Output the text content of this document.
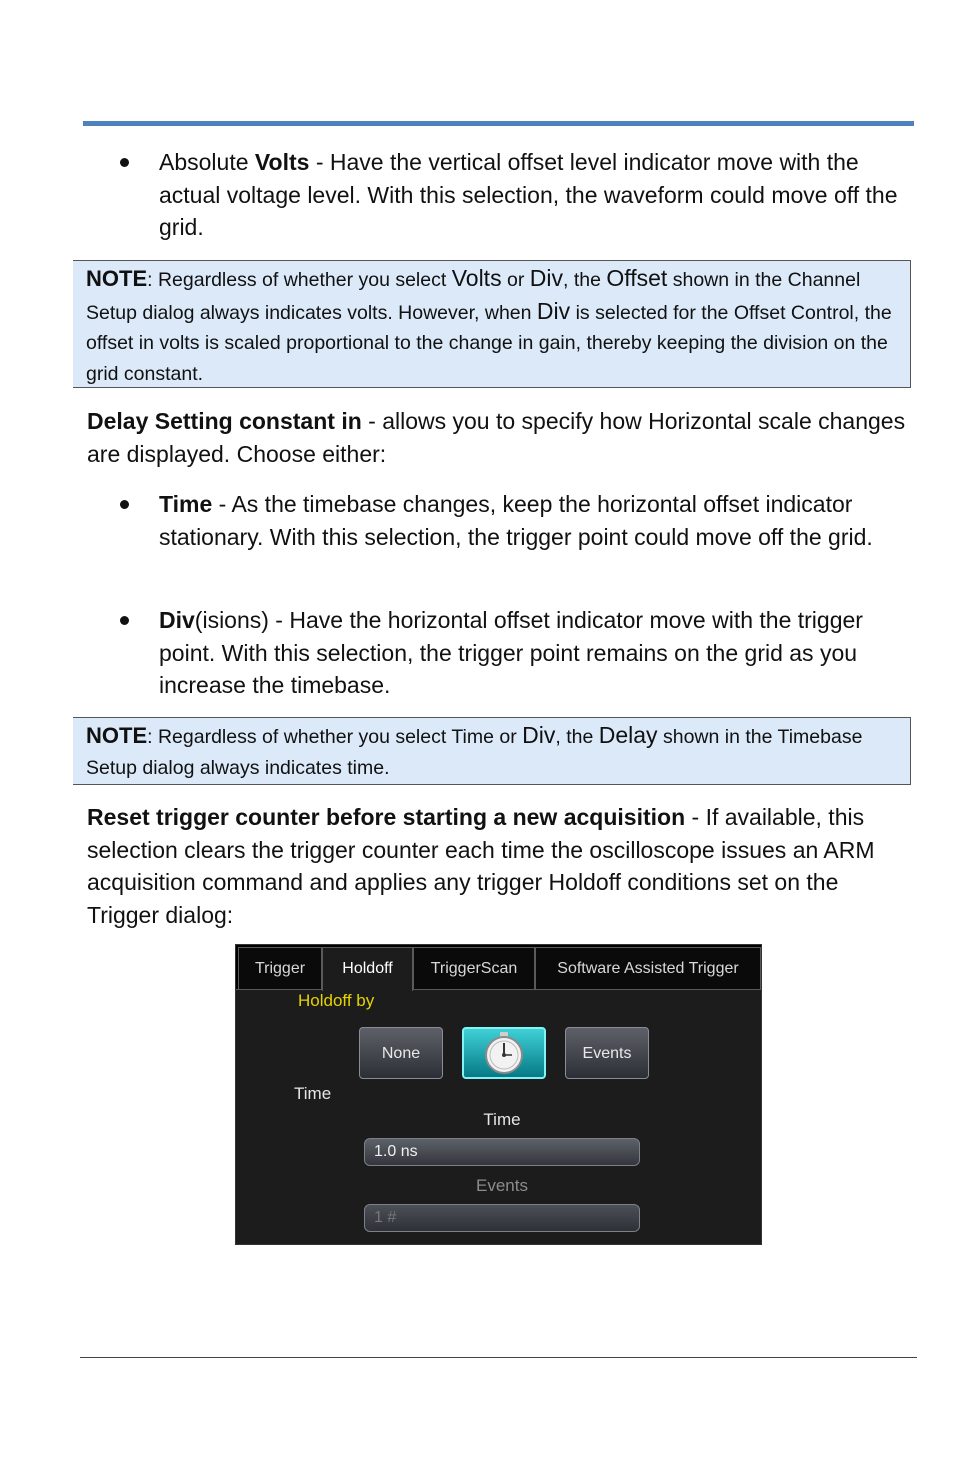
Absolute Volts - Have the vertical offset level indicator move with the actual voltage level. With this selection, the waveform could move off the grid.
NOTE: Regardless of whether you select Volts or Div, the Offset shown in the Channel Setup dialog always indicates volts. However, when Div is selected for the Offset Control, the offset in volts is scaled proportional to the change in gain, thereby keeping the division on the grid constant.
Delay Setting constant in - allows you to specify how Horizontal scale changes are displayed. Choose either:
Time - As the timebase changes, keep the horizontal offset indicator stationary. With this selection, the trigger point could move off the grid.
Div(isions) - Have the horizontal offset indicator move with the trigger point. With this selection, the trigger point remains on the grid as you increase the timebase.
NOTE: Regardless of whether you select Time or Div, the Delay shown in the Timebase Setup dialog always indicates time.
Reset trigger counter before starting a new acquisition - If available, this selection clears the trigger counter each time the oscilloscope issues an ARM acquisition command and applies any trigger Holdoff conditions set on the Trigger dialog:
Trigger	Holdoff	TriggerScan	Software Assisted Trigger
Holdoff by
None	Events
Time
Time
1.0 ns
Events
1 #
